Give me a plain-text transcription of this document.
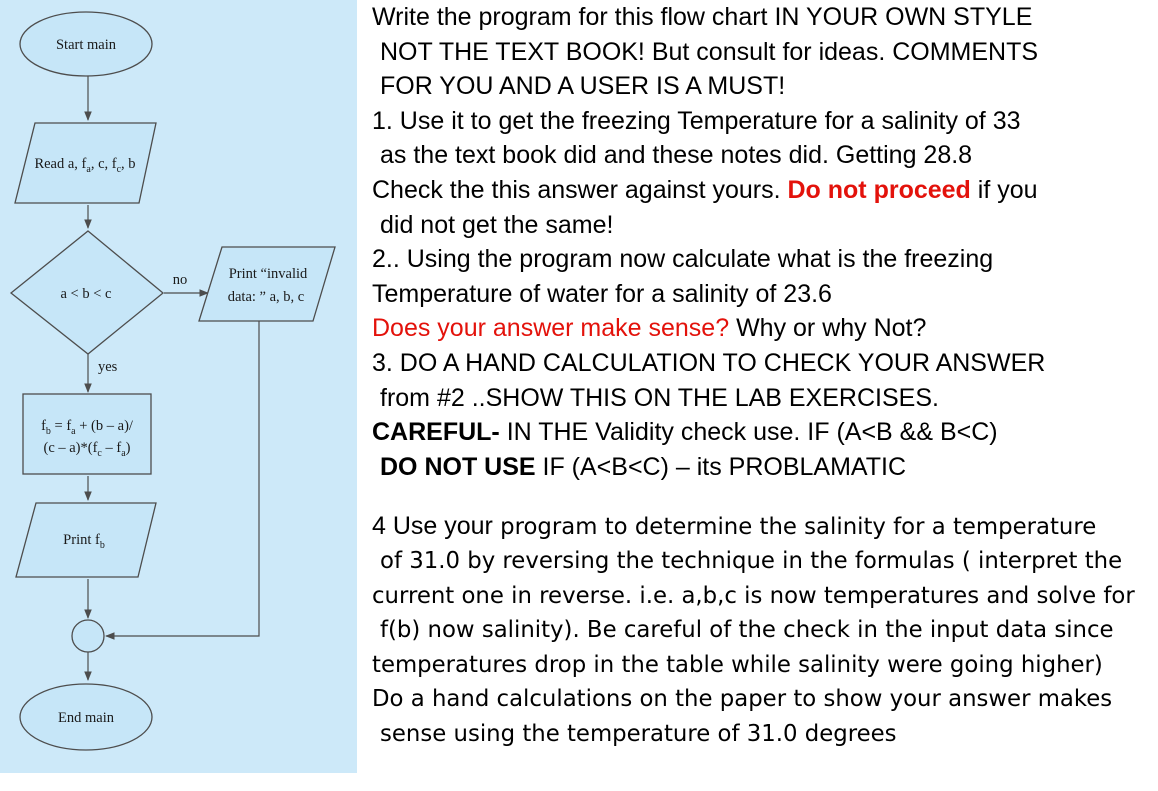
Start main
Read a, $f_a$, c, $f_c$, b
a < b < c
no
yes
Print “invalid
data: ” a, b, c
$f_b = f_a + (b - a)/$
$(c - a)*(f_c - f_a)$
Print $f_b$
End main
Write the program for this flow chart IN YOUR OWN STYLE
NOT THE TEXT BOOK! But consult for ideas. COMMENTS
FOR YOU AND A USER IS A MUST!
1. Use it to get the freezing Temperature for a salinity of 33
as the text book did and these notes did. Getting 28.8
Check the this answer against yours. Do not proceed if you
did not get the same!
2.. Using the program now calculate what is the freezing
Temperature of water for a salinity of 23.6
Does your answer make sense? Why or why Not?
3. DO A HAND CALCULATION TO CHECK YOUR ANSWER
from #2 ..SHOW THIS ON THE LAB EXERCISES.
CAREFUL- IN THE Validity check use. IF (A<B && B<C)
DO NOT USE IF (A<B<C) – its PROBLAMATIC
4 Use your program to determine the salinity for a temperature
of 31.0 by reversing the technique in the formulas ( interpret the
current one in reverse. i.e. a,b,c is now temperatures and solve for
f(b) now salinity). Be careful of the check in the input data since
temperatures drop in the table while salinity were going higher)
Do a hand calculations on the paper to show your answer makes
sense using the temperature of 31.0 degrees
